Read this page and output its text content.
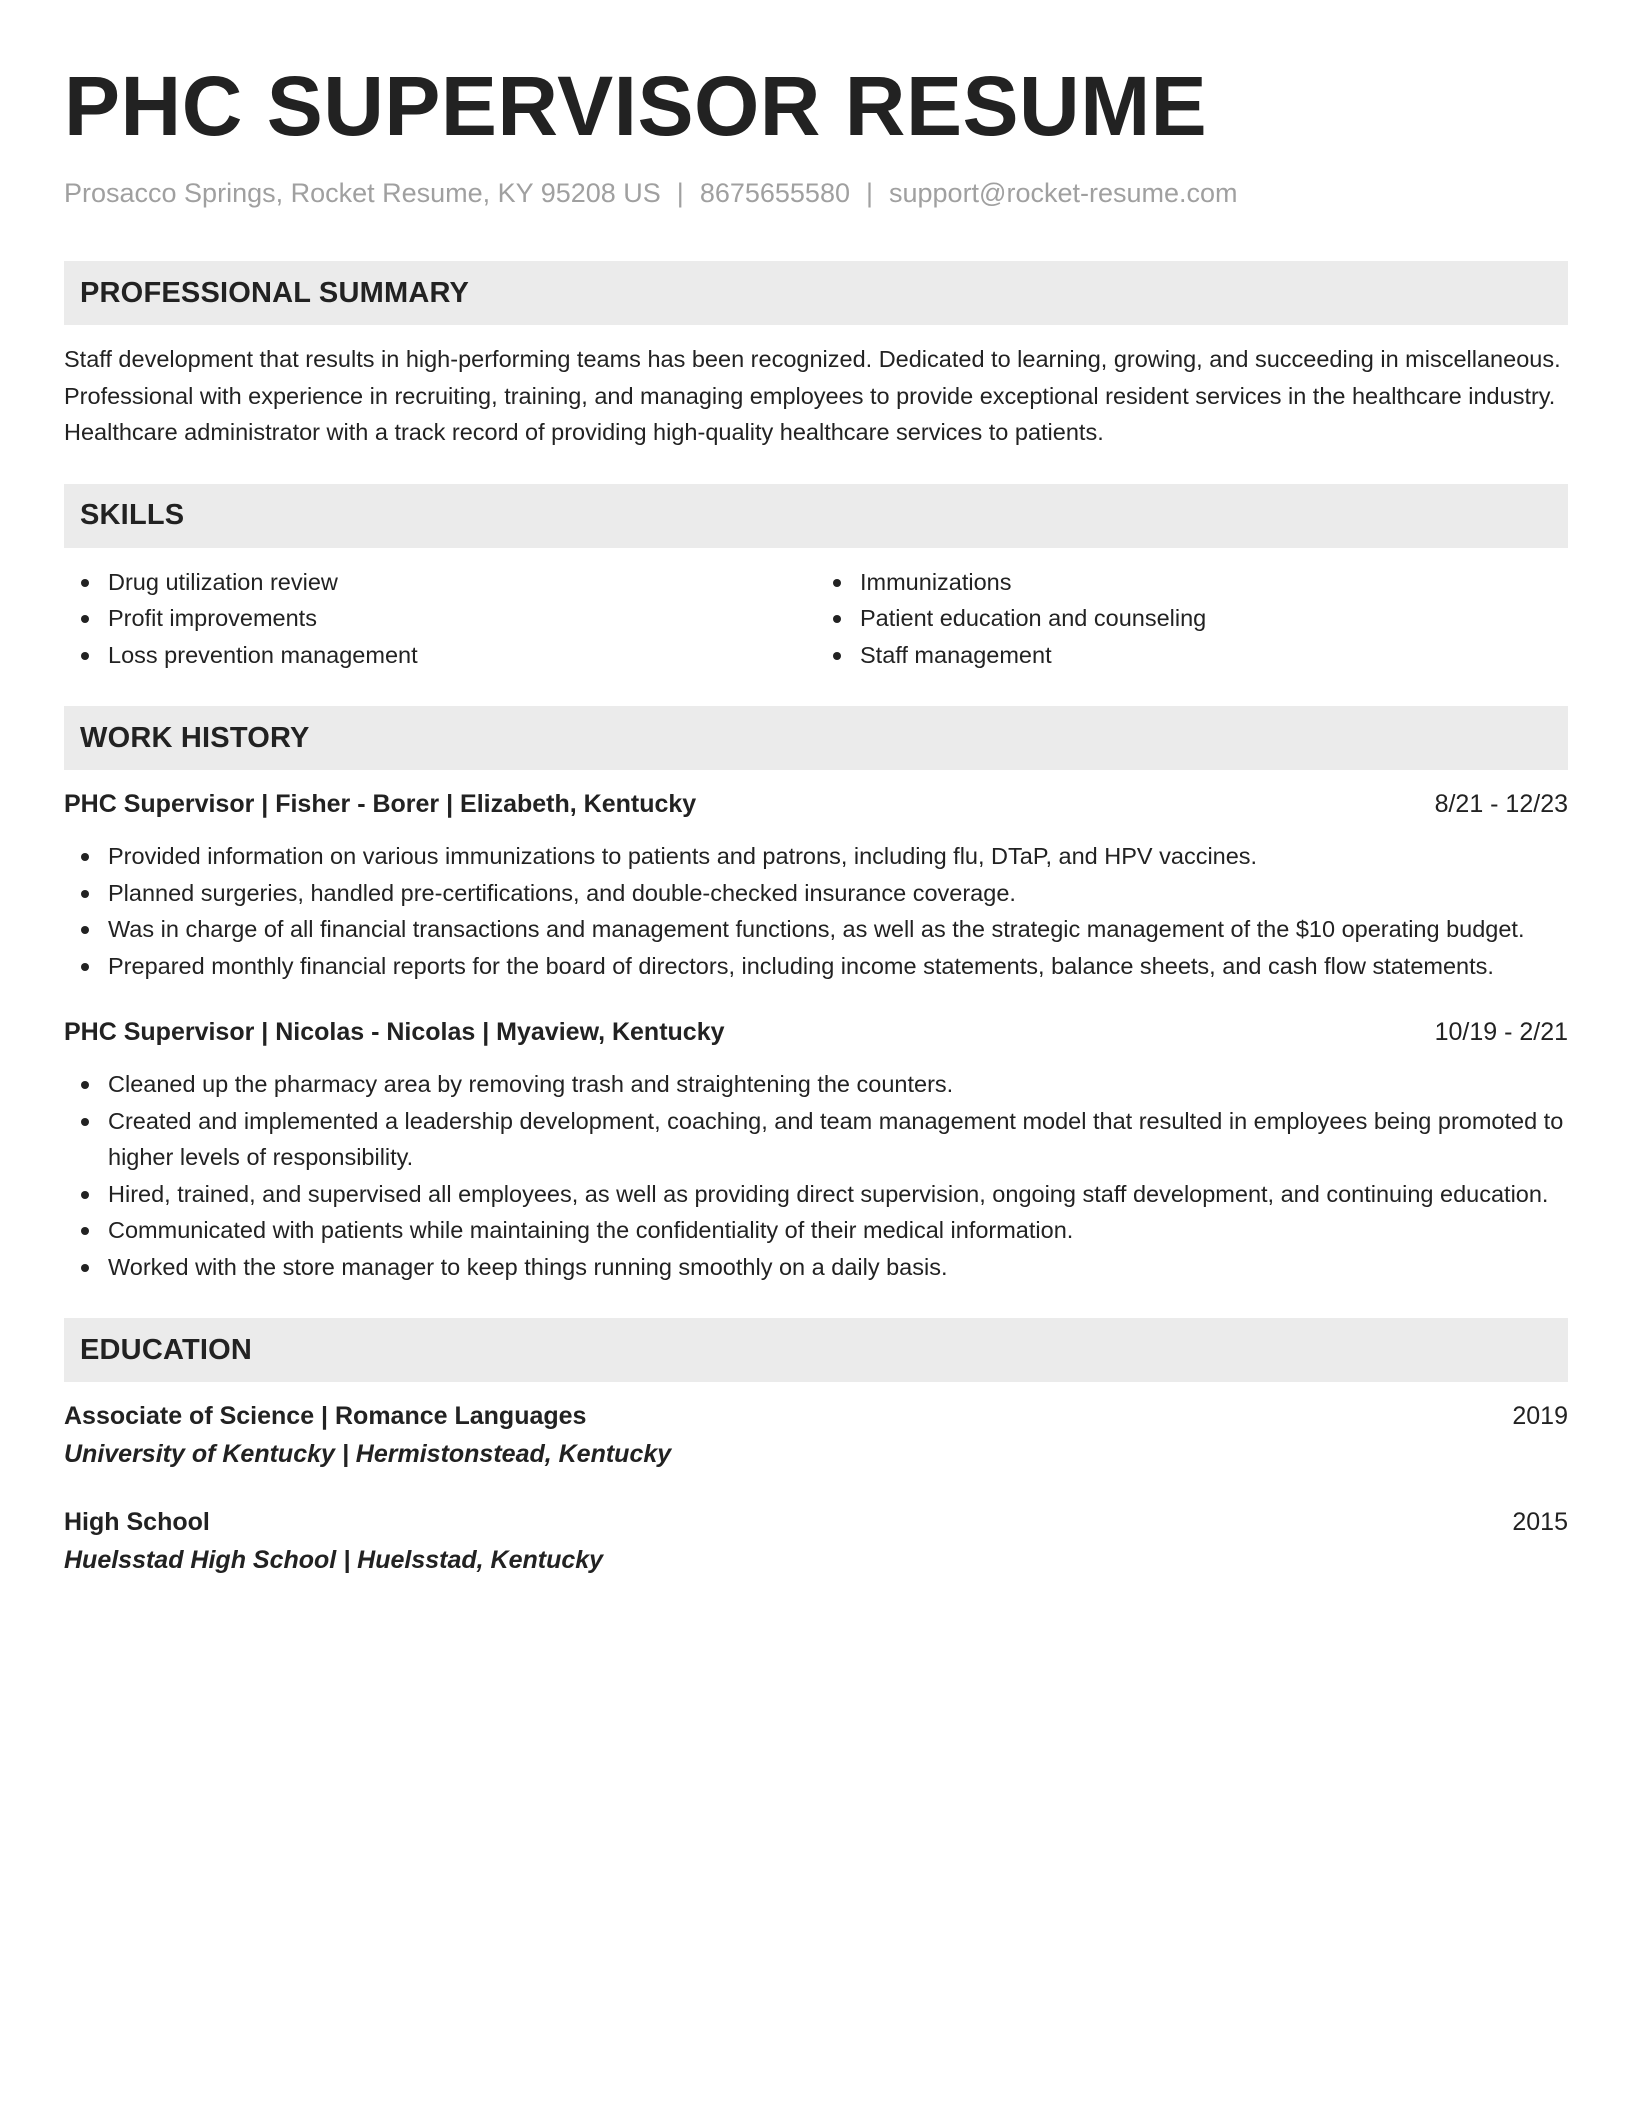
PHC SUPERVISOR RESUME
Prosacco Springs, Rocket Resume, KY 95208 US | 8675655580 | support@rocket-resume.com
PROFESSIONAL SUMMARY
Staff development that results in high-performing teams has been recognized. Dedicated to learning, growing, and succeeding in miscellaneous. Professional with experience in recruiting, training, and managing employees to provide exceptional resident services in the healthcare industry. Healthcare administrator with a track record of providing high-quality healthcare services to patients.
SKILLS
Drug utilization review
Profit improvements
Loss prevention management
Immunizations
Patient education and counseling
Staff management
WORK HISTORY
PHC Supervisor | Fisher - Borer | Elizabeth, Kentucky	8/21 - 12/23
Provided information on various immunizations to patients and patrons, including flu, DTaP, and HPV vaccines.
Planned surgeries, handled pre-certifications, and double-checked insurance coverage.
Was in charge of all financial transactions and management functions, as well as the strategic management of the $10 operating budget.
Prepared monthly financial reports for the board of directors, including income statements, balance sheets, and cash flow statements.
PHC Supervisor | Nicolas - Nicolas | Myaview, Kentucky	10/19 - 2/21
Cleaned up the pharmacy area by removing trash and straightening the counters.
Created and implemented a leadership development, coaching, and team management model that resulted in employees being promoted to higher levels of responsibility.
Hired, trained, and supervised all employees, as well as providing direct supervision, ongoing staff development, and continuing education.
Communicated with patients while maintaining the confidentiality of their medical information.
Worked with the store manager to keep things running smoothly on a daily basis.
EDUCATION
Associate of Science | Romance Languages	2019
University of Kentucky | Hermistonstead, Kentucky
High School	2015
Huelsstad High School | Huelsstad, Kentucky
